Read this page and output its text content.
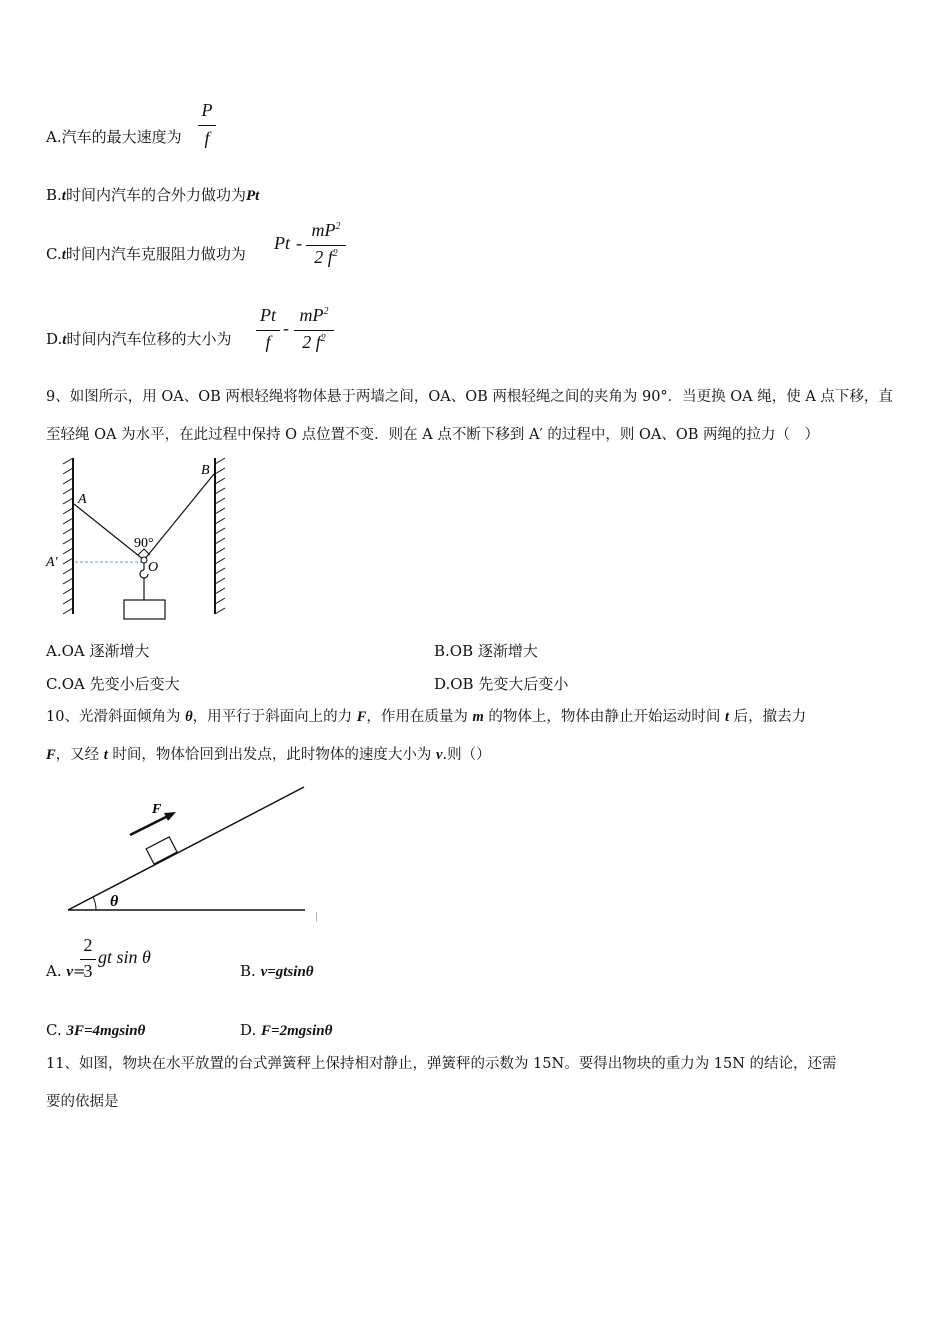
A.汽车的最大速度为
P
f
B.t时间内汽车的合外力做功为Pt
C.t时间内汽车克服阻力做功为
Pt -
$mP^2$
2 $f^2$
D.t时间内汽车位移的大小为
Pt
f
-
$mP^2$
2 $f^2$
9、如图所示，用 OA、OB 两根轻绳将物体悬于两墙之间，OA、OB 两根轻绳之间的夹角为 90°．当更换 OA 绳，使 A 点下移，直
至轻绳 OA 为水平，在此过程中保持 O 点位置不变．则在 A 点不断下移到 A′ 的过程中，则 OA、OB 两绳的拉力（　）
A
B
A′
90°
O
A.OA 逐渐增大	B.OB 逐渐增大
C.OA 先变小后变大	D.OB 先变大后变小
10、光滑斜面倾角为 θ，用平行于斜面向上的力 F，作用在质量为 m 的物体上，物体由静止开始运动时间 t 后，撤去力
F，又经 t 时间，物体恰回到出发点，此时物体的速度大小为 v.则（）
θ
F
A. v=
2
3
gt sin θ
B. v=gtsinθ
C. 3F=4mgsinθ	D. F=2mgsinθ
11、如图，物块在水平放置的台式弹簧秤上保持相对静止，弹簧秤的示数为 15N。要得出物块的重力为 15N 的结论，还需
要的依据是
